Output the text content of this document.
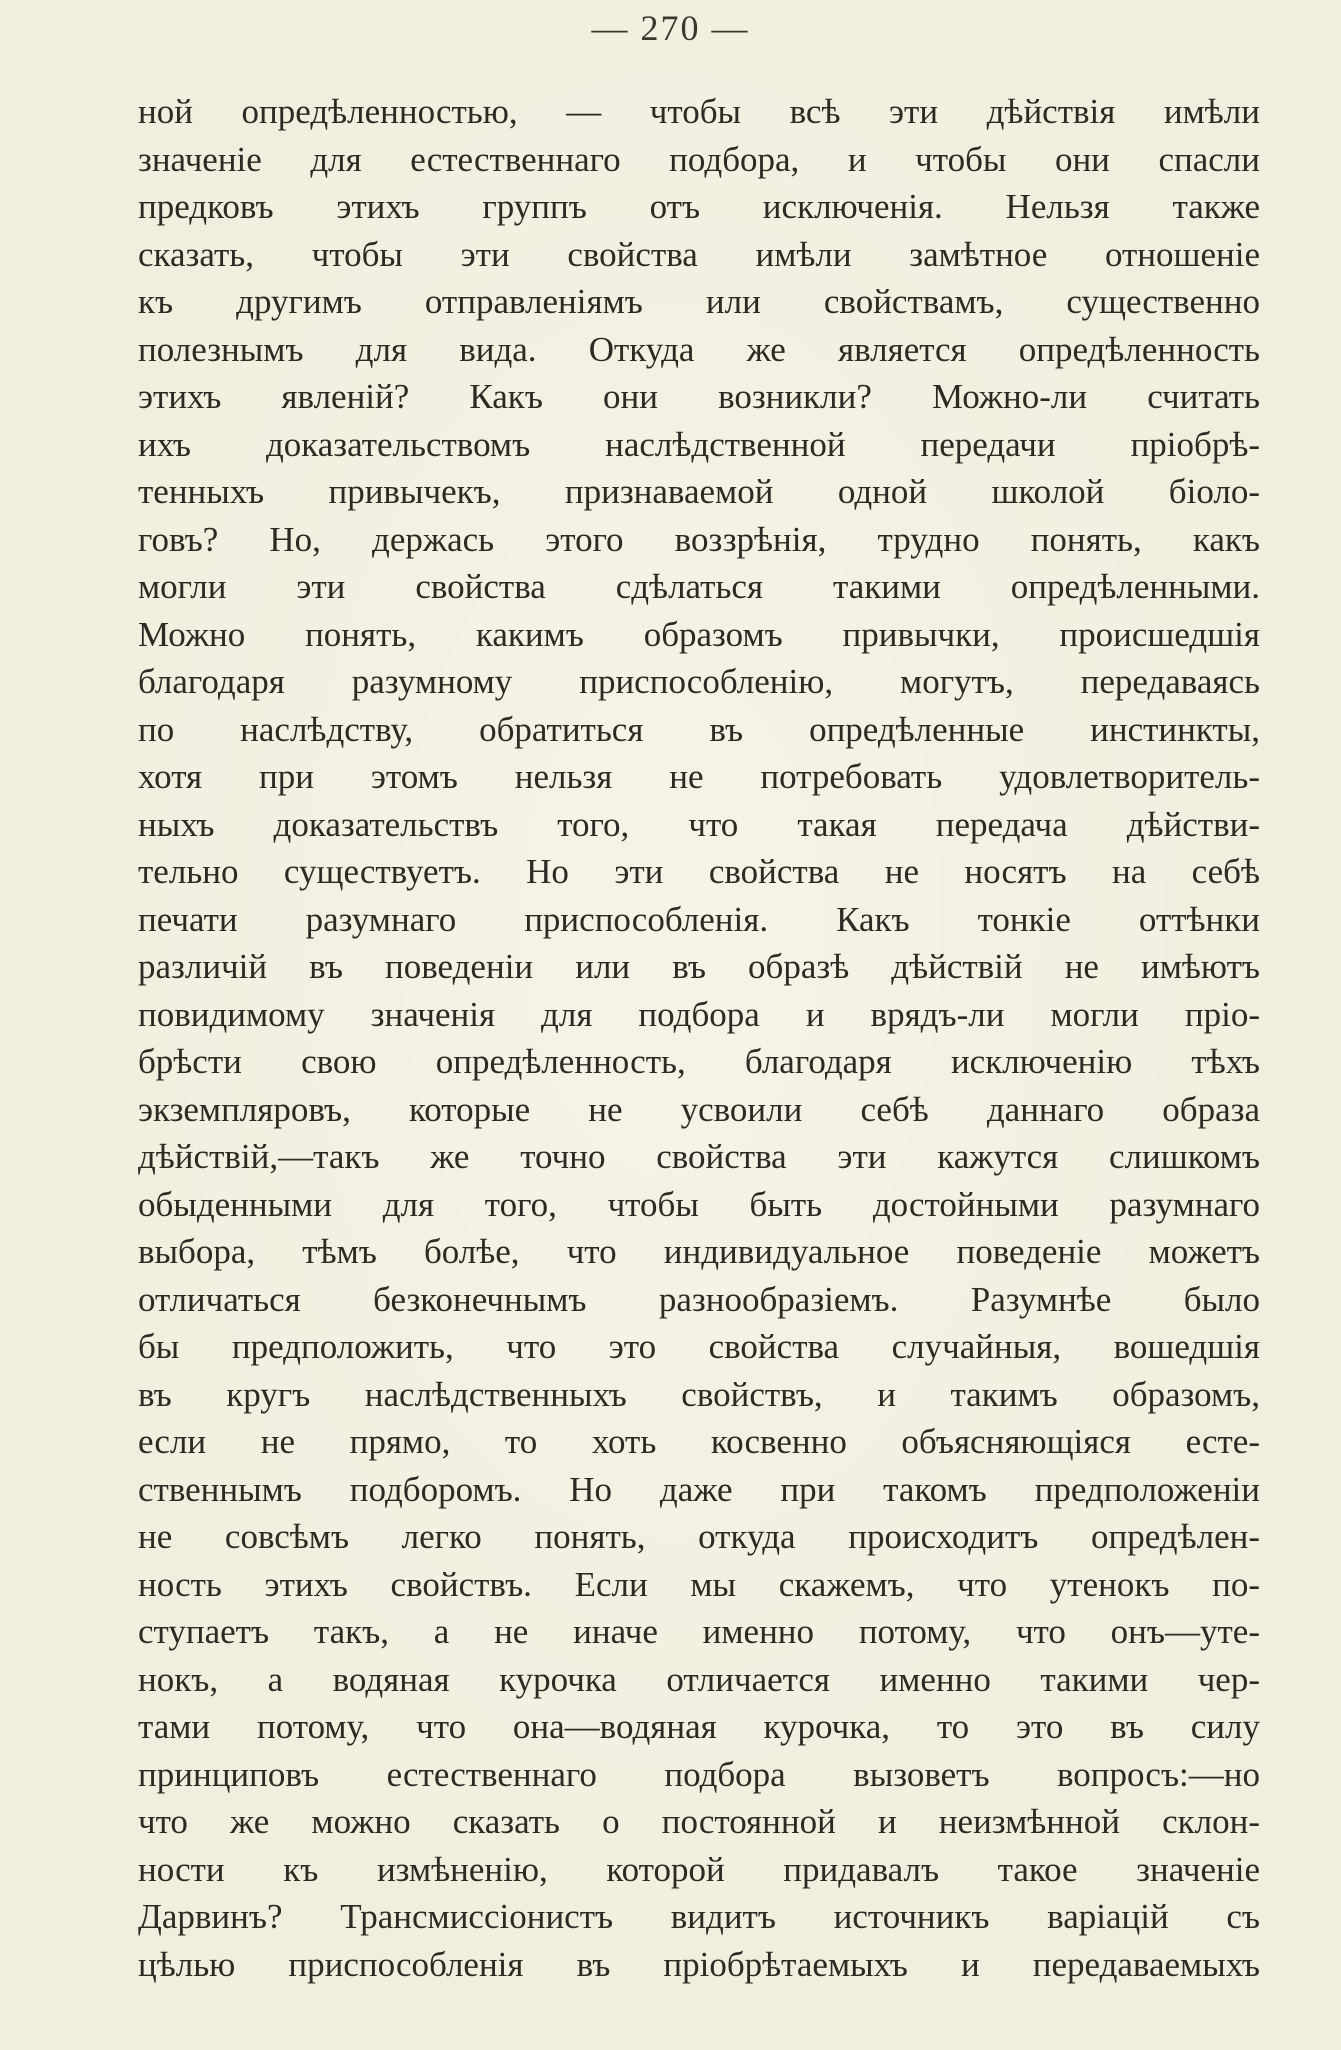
— 270 —
ной опредѣленностью, — чтобы всѣ эти дѣйствія имѣли
значеніе для естественнаго подбора, и чтобы они спасли
предковъ этихъ группъ отъ исключенія. Нельзя также
сказать, чтобы эти свойства имѣли замѣтное отношеніе
къ другимъ отправленіямъ или свойствамъ, существенно
полезнымъ для вида. Откуда же является опредѣленность
этихъ явленій? Какъ они возникли? Можно-ли считать
ихъ доказательствомъ наслѣдственной передачи пріобрѣ-
тенныхъ привычекъ, признаваемой одной школой біоло-
говъ? Но, держась этого воззрѣнія, трудно понять, какъ
могли эти свойства сдѣлаться такими опредѣленными.
Можно понять, какимъ образомъ привычки, происшедшія
благодаря разумному приспособленію, могутъ, передаваясь
по наслѣдству, обратиться въ опредѣленные инстинкты,
хотя при этомъ нельзя не потребовать удовлетворитель-
ныхъ доказательствъ того, что такая передача дѣйстви-
тельно существуетъ. Но эти свойства не носятъ на себѣ
печати разумнаго приспособленія. Какъ тонкіе оттѣнки
различій въ поведеніи или въ образѣ дѣйствій не имѣютъ
повидимому значенія для подбора и врядъ-ли могли пріо-
брѣсти свою опредѣленность, благодаря исключенію тѣхъ
экземпляровъ, которые не усвоили себѣ даннаго образа
дѣйствій,—такъ же точно свойства эти кажутся слишкомъ
обыденными для того, чтобы быть достойными разумнаго
выбора, тѣмъ болѣе, что индивидуальное поведеніе можетъ
отличаться безконечнымъ разнообразіемъ. Разумнѣе было
бы предположить, что это свойства случайныя, вошедшія
въ кругъ наслѣдственныхъ свойствъ, и такимъ образомъ,
если не прямо, то хоть косвенно объясняющіяся есте-
ственнымъ подборомъ. Но даже при такомъ предположеніи
не совсѣмъ легко понять, откуда происходитъ опредѣлен-
ность этихъ свойствъ. Если мы скажемъ, что утенокъ по-
ступаетъ такъ, а не иначе именно потому, что онъ—уте-
нокъ, а водяная курочка отличается именно такими чер-
тами потому, что она—водяная курочка, то это въ силу
принциповъ естественнаго подбора вызоветъ вопросъ:—но
что же можно сказать о постоянной и неизмѣнной склон-
ности къ измѣненію, которой придавалъ такое значеніе
Дарвинъ? Трансмиссіонистъ видитъ источникъ варіацій съ
цѣлью приспособленія въ пріобрѣтаемыхъ и передаваемыхъ
